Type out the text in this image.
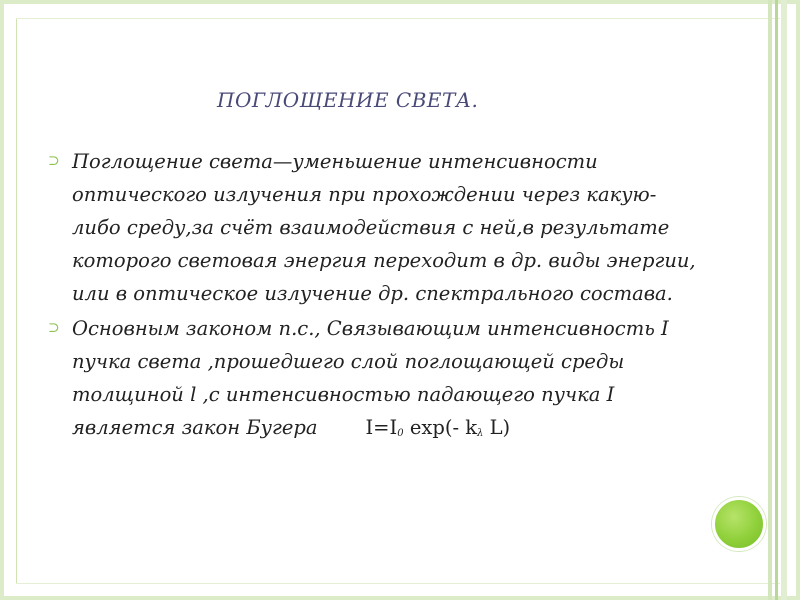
ПОГЛОЩЕНИЕ СВЕТА.

⊃ Поглощение света—уменьшение интенсивности оптического излучения при прохождении через какую-либо среду,за счёт взаимодействия с ней,в результате которого световая энергия переходит в др. виды энергии, или в оптическое излучение др. спектрального состава.

⊃ Основным законом п.с., Связывающим интенсивность I пучка света ,прошедшего слой поглощающей среды толщиной l ,с интенсивностью падающего пучка I является закон Бугера I=I0 exp(- kλ L)
